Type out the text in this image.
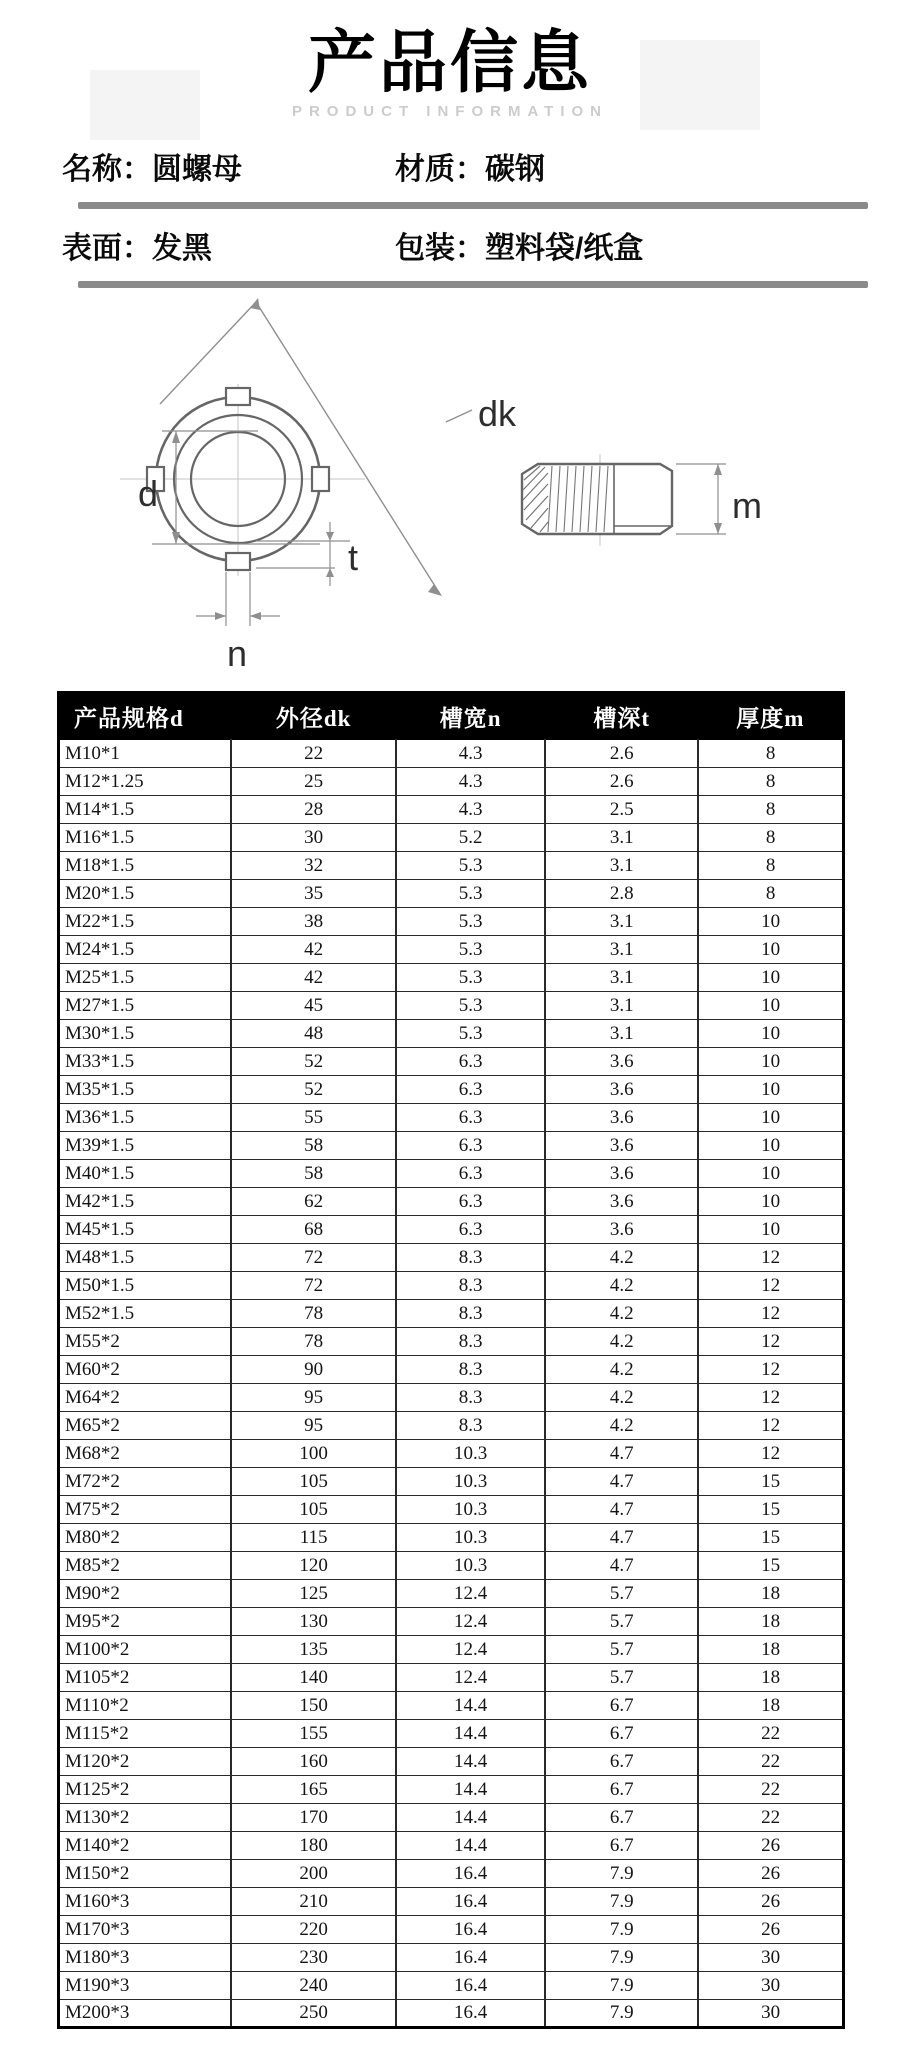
产品信息
PRODUCT INFORMATION
名称：圆螺母	材质：碳钢
表面：发黑	包装：塑料袋/纸盒
d
t
n
m
dk
产品规格d	外径dk	槽宽n	槽深t	厚度m
M10*1	22	4.3	2.6	8
M12*1.25	25	4.3	2.6	8
M14*1.5	28	4.3	2.5	8
M16*1.5	30	5.2	3.1	8
M18*1.5	32	5.3	3.1	8
M20*1.5	35	5.3	2.8	8
M22*1.5	38	5.3	3.1	10
M24*1.5	42	5.3	3.1	10
M25*1.5	42	5.3	3.1	10
M27*1.5	45	5.3	3.1	10
M30*1.5	48	5.3	3.1	10
M33*1.5	52	6.3	3.6	10
M35*1.5	52	6.3	3.6	10
M36*1.5	55	6.3	3.6	10
M39*1.5	58	6.3	3.6	10
M40*1.5	58	6.3	3.6	10
M42*1.5	62	6.3	3.6	10
M45*1.5	68	6.3	3.6	10
M48*1.5	72	8.3	4.2	12
M50*1.5	72	8.3	4.2	12
M52*1.5	78	8.3	4.2	12
M55*2	78	8.3	4.2	12
M60*2	90	8.3	4.2	12
M64*2	95	8.3	4.2	12
M65*2	95	8.3	4.2	12
M68*2	100	10.3	4.7	12
M72*2	105	10.3	4.7	15
M75*2	105	10.3	4.7	15
M80*2	115	10.3	4.7	15
M85*2	120	10.3	4.7	15
M90*2	125	12.4	5.7	18
M95*2	130	12.4	5.7	18
M100*2	135	12.4	5.7	18
M105*2	140	12.4	5.7	18
M110*2	150	14.4	6.7	18
M115*2	155	14.4	6.7	22
M120*2	160	14.4	6.7	22
M125*2	165	14.4	6.7	22
M130*2	170	14.4	6.7	22
M140*2	180	14.4	6.7	26
M150*2	200	16.4	7.9	26
M160*3	210	16.4	7.9	26
M170*3	220	16.4	7.9	26
M180*3	230	16.4	7.9	30
M190*3	240	16.4	7.9	30
M200*3	250	16.4	7.9	30
